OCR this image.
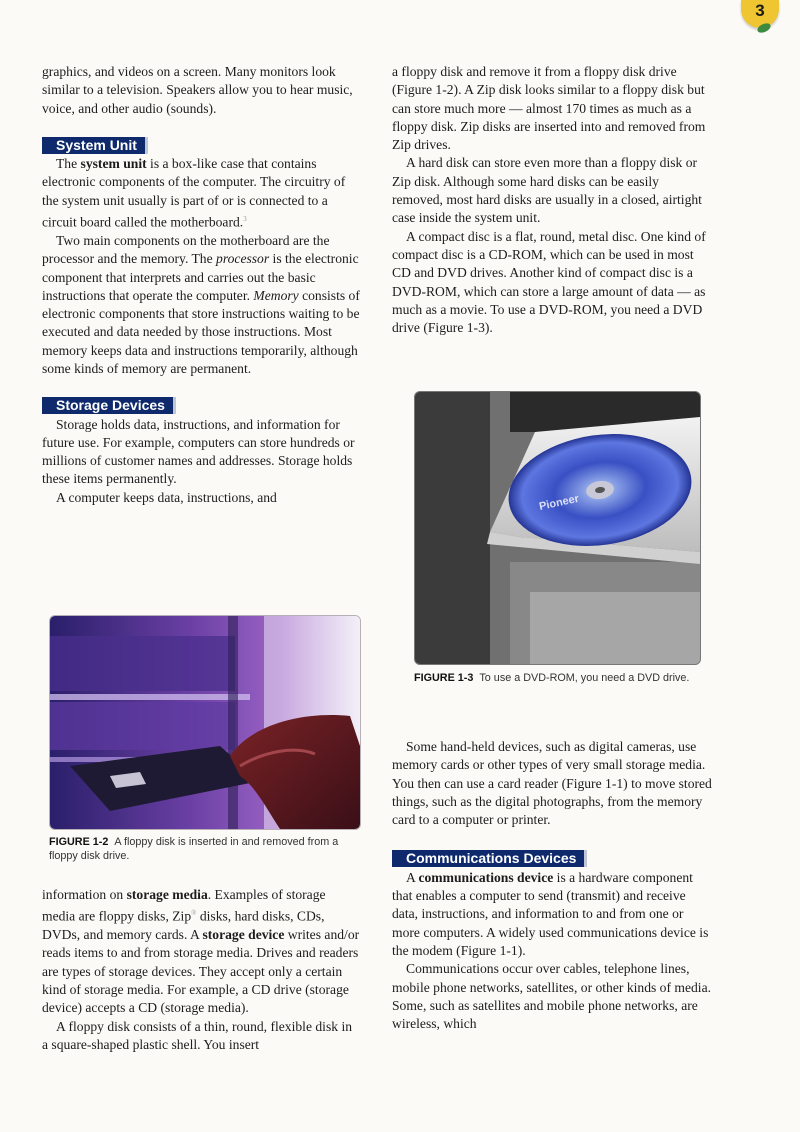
3

graphics, and videos on a screen. Many monitors look similar to a television. Speakers allow you to hear music, voice, and other audio (sounds).

System Unit

The system unit is a box-like case that contains electronic components of the computer. The circuitry of the system unit usually is part of or is connected to a circuit board called the motherboard.$^3$

Two main components on the motherboard are the processor and the memory. The processor is the electronic component that interprets and carries out the basic instructions that operate the computer. Memory consists of electronic components that store instructions waiting to be executed and data needed by those instructions. Most memory keeps data and instructions temporarily, although some kinds of memory are permanent.

Storage Devices

Storage holds data, instructions, and information for future use. For example, computers can store hundreds or millions of customer names and addresses. Storage holds these items permanently.

A computer keeps data, instructions, and

FIGURE 1-2 A floppy disk is inserted in and removed from a floppy disk drive.

information on storage media. Examples of storage media are floppy disks, Zip® disks, hard disks, CDs, DVDs, and memory cards. A storage device writes and/or reads items to and from storage media. Drives and readers are types of storage devices. They accept only a certain kind of storage media. For example, a CD drive (storage device) accepts a CD (storage media).

A floppy disk consists of a thin, round, flexible disk in a square-shaped plastic shell. You insert

a floppy disk and remove it from a floppy disk drive (Figure 1-2). A Zip disk looks similar to a floppy disk but can store much more — almost 170 times as much as a floppy disk. Zip disks are inserted into and removed from Zip drives.

A hard disk can store even more than a floppy disk or Zip disk. Although some hard disks can be easily removed, most hard disks are usually in a closed, airtight case inside the system unit.

A compact disc is a flat, round, metal disc. One kind of compact disc is a CD-ROM, which can be used in most CD and DVD drives. Another kind of compact disc is a DVD-ROM, which can store a large amount of data — as much as a movie. To use a DVD-ROM, you need a DVD drive (Figure 1-3).

Pioneer
FIGURE 1-3 To use a DVD-ROM, you need a DVD drive.

Some hand-held devices, such as digital cameras, use memory cards or other types of very small storage media. You then can use a card reader (Figure 1-1) to move stored things, such as the digital photographs, from the memory card to a computer or printer.

Communications Devices

A communications device is a hardware component that enables a computer to send (transmit) and receive data, instructions, and information to and from one or more computers. A widely used communications device is the modem (Figure 1-1).

Communications occur over cables, telephone lines, mobile phone networks, satellites, or other kinds of media. Some, such as satellites and mobile phone networks, are wireless, which
